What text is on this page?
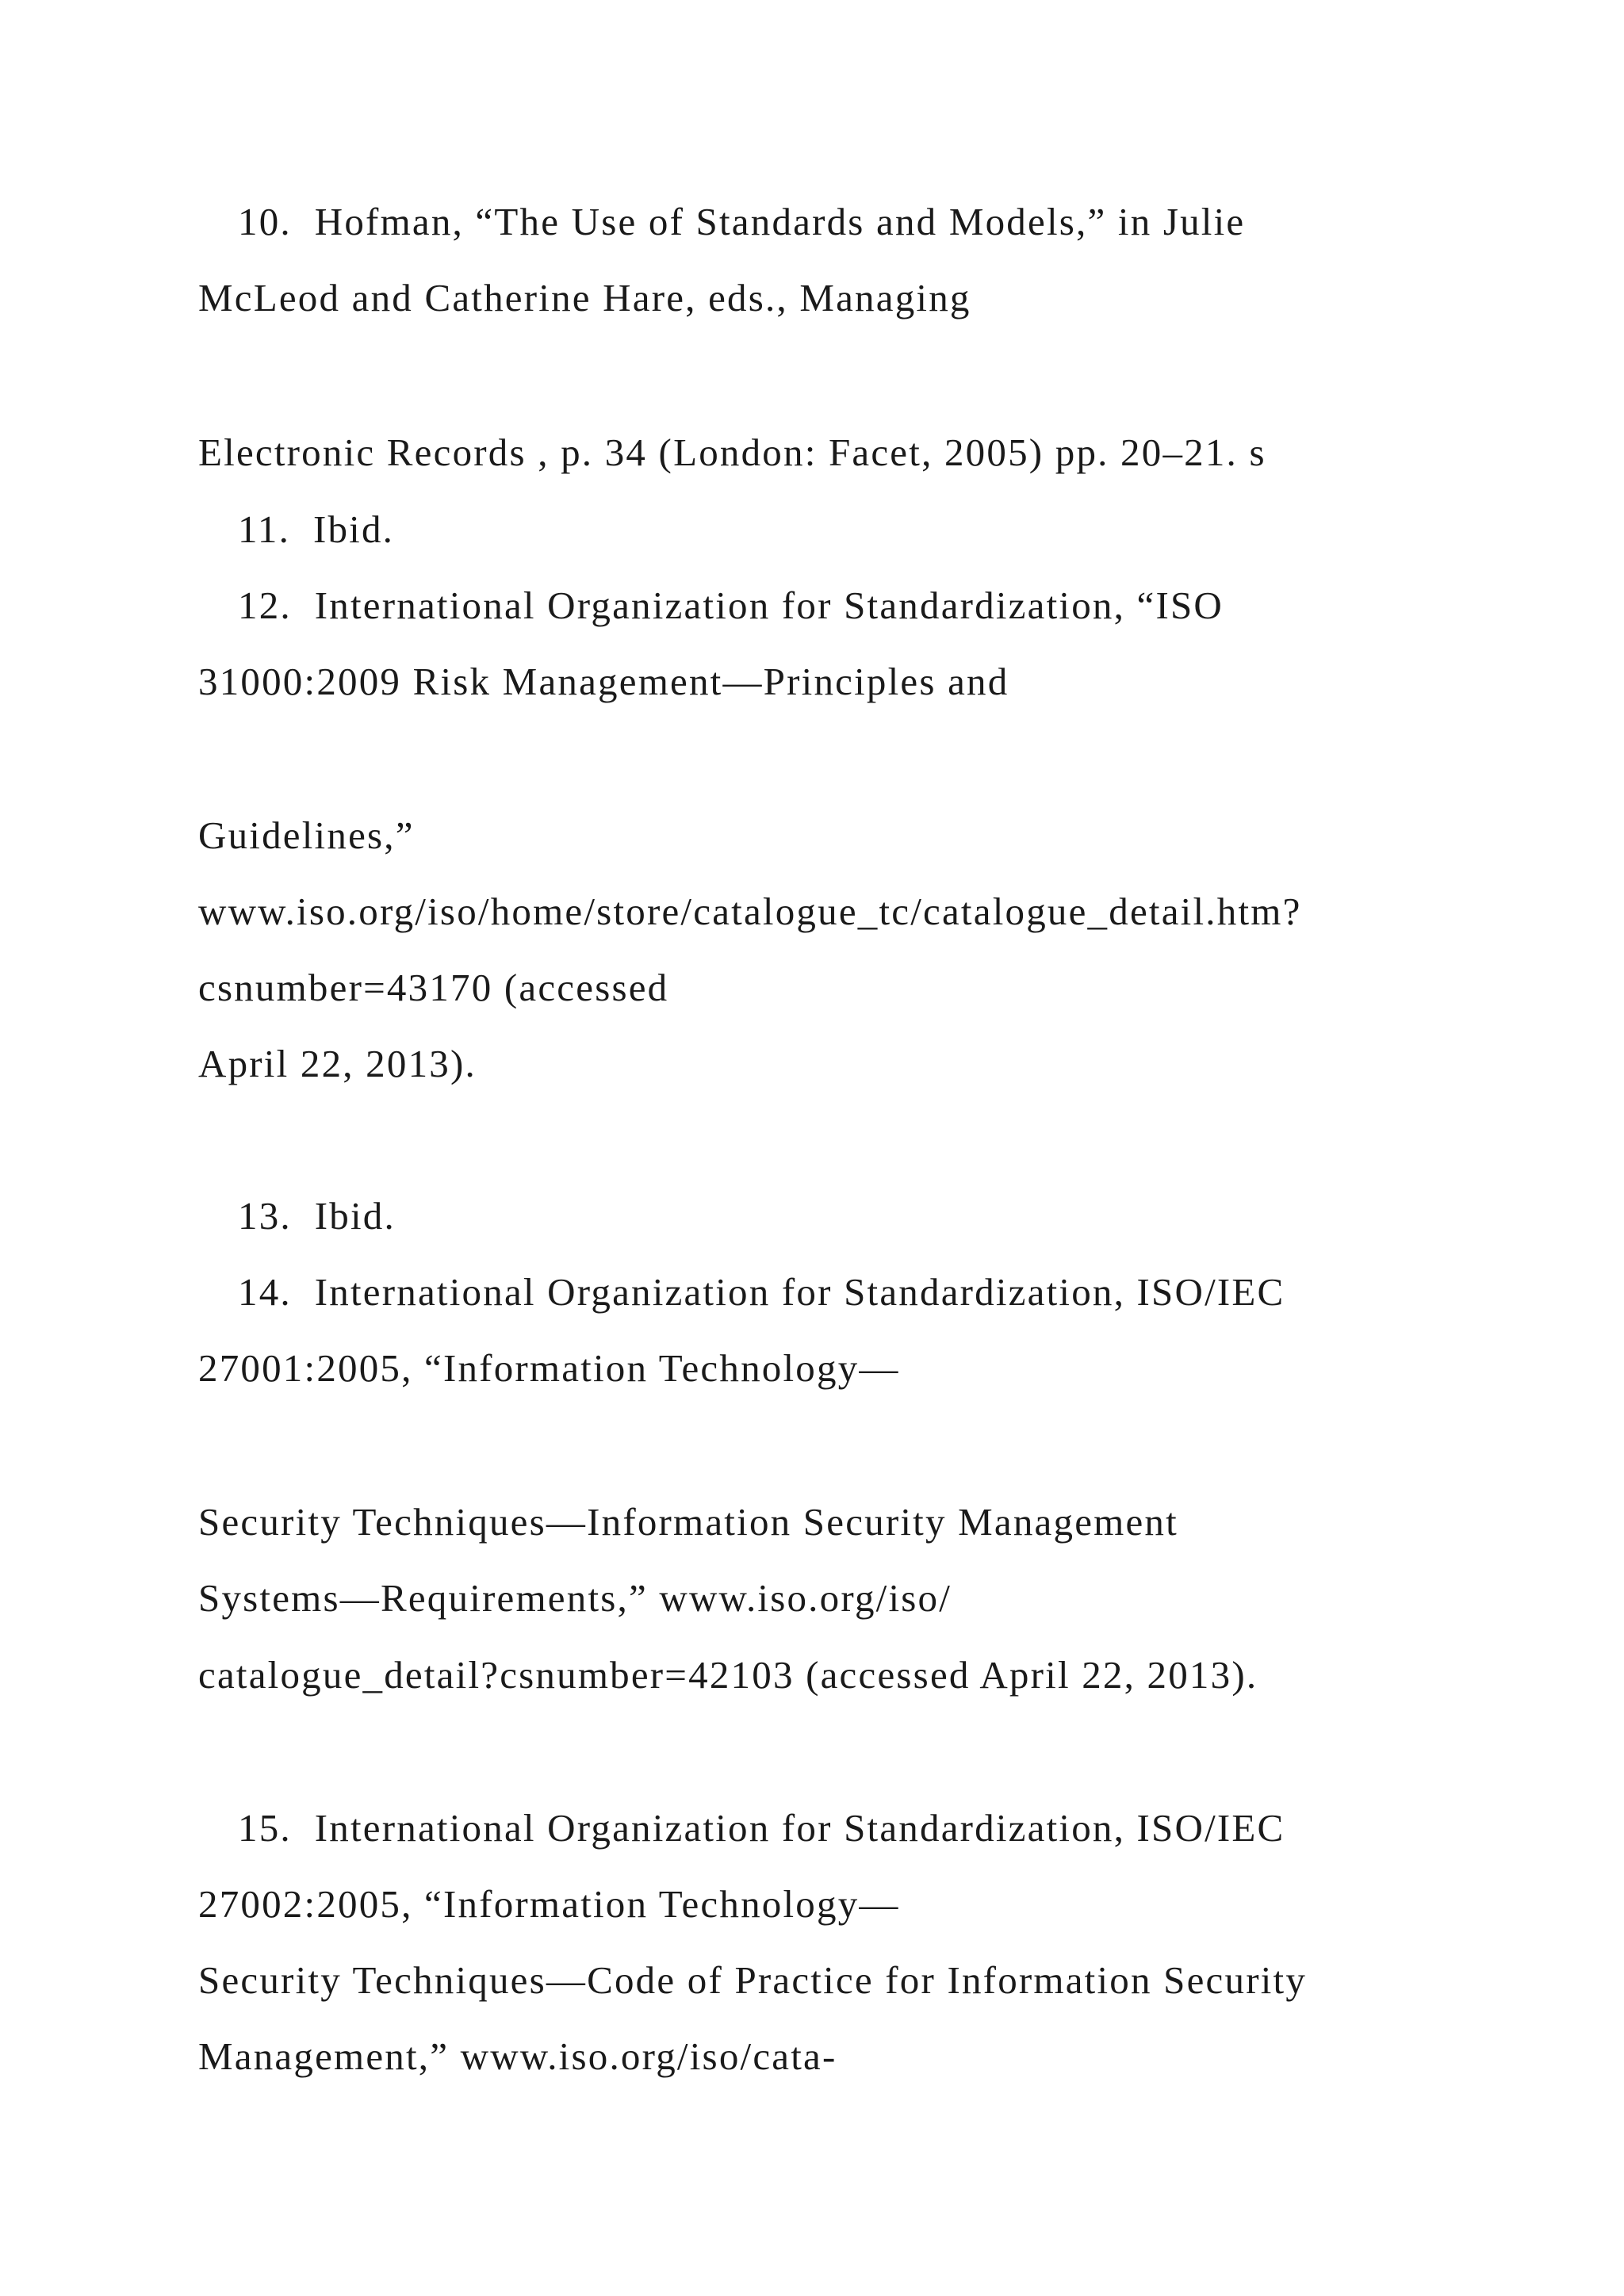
10. Hofman, “The Use of Standards and Models,” in Julie
McLeod and Catherine Hare, eds., Managing
Electronic Records , p. 34 (London: Facet, 2005) pp. 20–21. s
11. Ibid.
12. International Organization for Standardization, “ISO
31000:2009 Risk Management—Principles and
Guidelines,”
www.iso.org/iso/home/store/catalogue_tc/catalogue_detail.htm?
csnumber=43170 (accessed
April 22, 2013).
13. Ibid.
14. International Organization for Standardization, ISO/IEC
27001:2005, “Information Technology—
Security Techniques—Information Security Management
Systems—Requirements,” www.iso.org/iso/
catalogue_detail?csnumber=42103 (accessed April 22, 2013).
15. International Organization for Standardization, ISO/IEC
27002:2005, “Information Technology—
Security Techniques—Code of Practice for Information Security
Management,” www.iso.org/iso/cata-
